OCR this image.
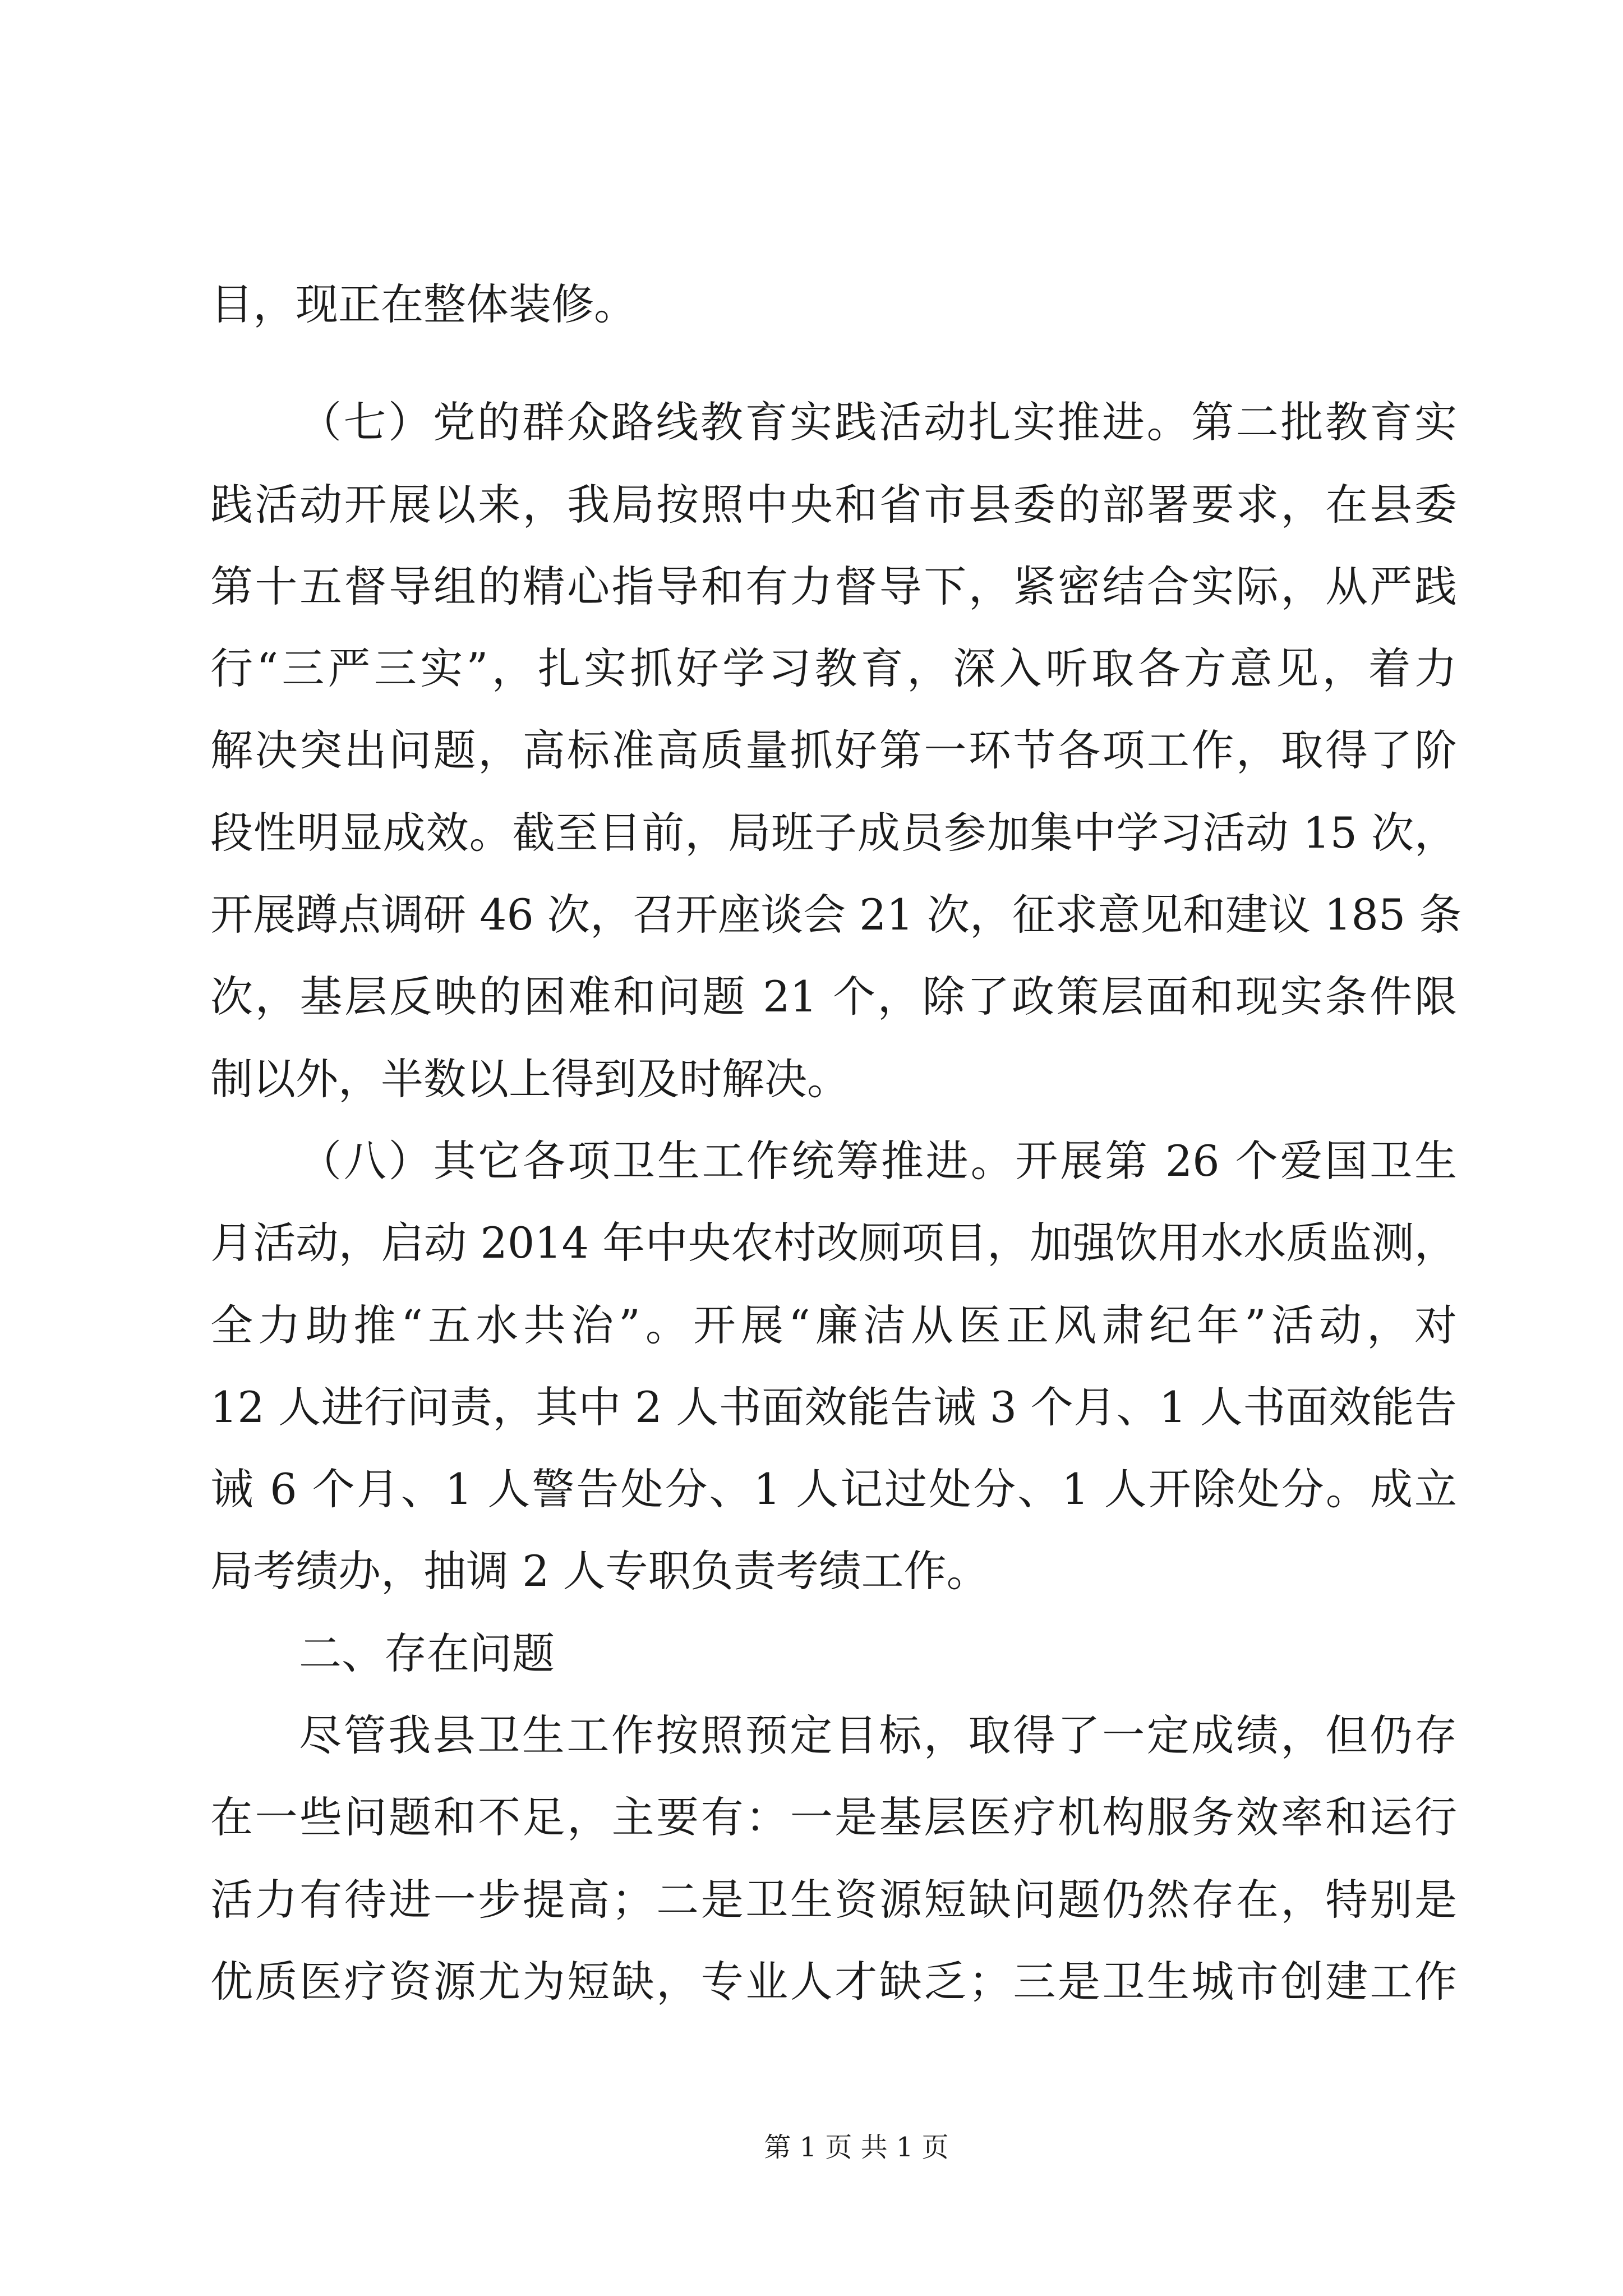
目，现正在整体装修。
（七）党的群众路线教育实践活动扎实推进。第二批教育实
践活动开展以来，我局按照中央和省市县委的部署要求，在县委
第十五督导组的精心指导和有力督导下，紧密结合实际，从严践
行“三严三实”，扎实抓好学习教育，深入听取各方意见，着力
解决突出问题，高标准高质量抓好第一环节各项工作，取得了阶
段性明显成效。截至目前，局班子成员参加集中学习活动 15 次，
开展蹲点调研 46 次，召开座谈会 21 次，征求意见和建议 185 条
次，基层反映的困难和问题 21 个，除了政策层面和现实条件限
制以外，半数以上得到及时解决。
（八）其它各项卫生工作统筹推进。开展第 26 个爱国卫生
月活动，启动 2014 年中央农村改厕项目，加强饮用水水质监测，
全力助推“五水共治”。开展“廉洁从医正风肃纪年”活动，对
12 人进行问责，其中 2 人书面效能告诫 3 个月、1 人书面效能告
诫 6 个月、1 人警告处分、1 人记过处分、1 人开除处分。成立
局考绩办，抽调 2 人专职负责考绩工作。
二、存在问题
尽管我县卫生工作按照预定目标，取得了一定成绩，但仍存
在一些问题和不足，主要有：一是基层医疗机构服务效率和运行
活力有待进一步提高；二是卫生资源短缺问题仍然存在，特别是
优质医疗资源尤为短缺，专业人才缺乏；三是卫生城市创建工作
第 1 页 共 1 页
